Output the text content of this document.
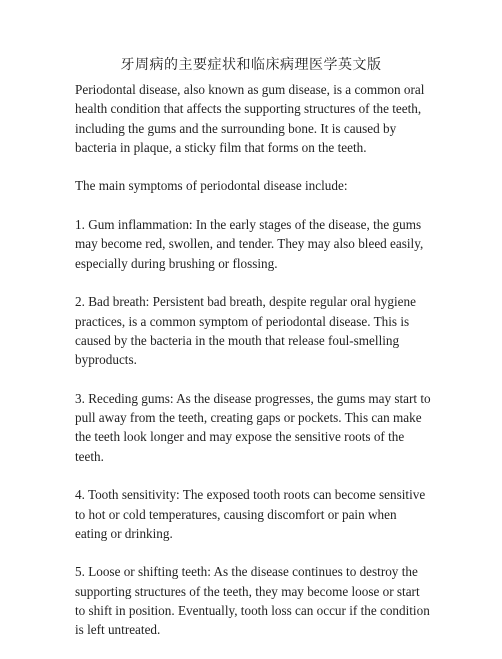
牙周病的主要症状和临床病理医学英文版

Periodontal disease, also known as gum disease, is a common oral health condition that affects the supporting structures of the teeth, including the gums and the surrounding bone. It is caused by bacteria in plaque, a sticky film that forms on the teeth.

The main symptoms of periodontal disease include:

1. Gum inflammation: In the early stages of the disease, the gums may become red, swollen, and tender. They may also bleed easily, especially during brushing or flossing.

2. Bad breath: Persistent bad breath, despite regular oral hygiene practices, is a common symptom of periodontal disease. This is caused by the bacteria in the mouth that release foul-smelling byproducts.

3. Receding gums: As the disease progresses, the gums may start to pull away from the teeth, creating gaps or pockets. This can make the teeth look longer and may expose the sensitive roots of the teeth.

4. Tooth sensitivity: The exposed tooth roots can become sensitive to hot or cold temperatures, causing discomfort or pain when eating or drinking.

5. Loose or shifting teeth: As the disease continues to destroy the supporting structures of the teeth, they may become loose or start to shift in position. Eventually, tooth loss can occur if the condition is left untreated.
